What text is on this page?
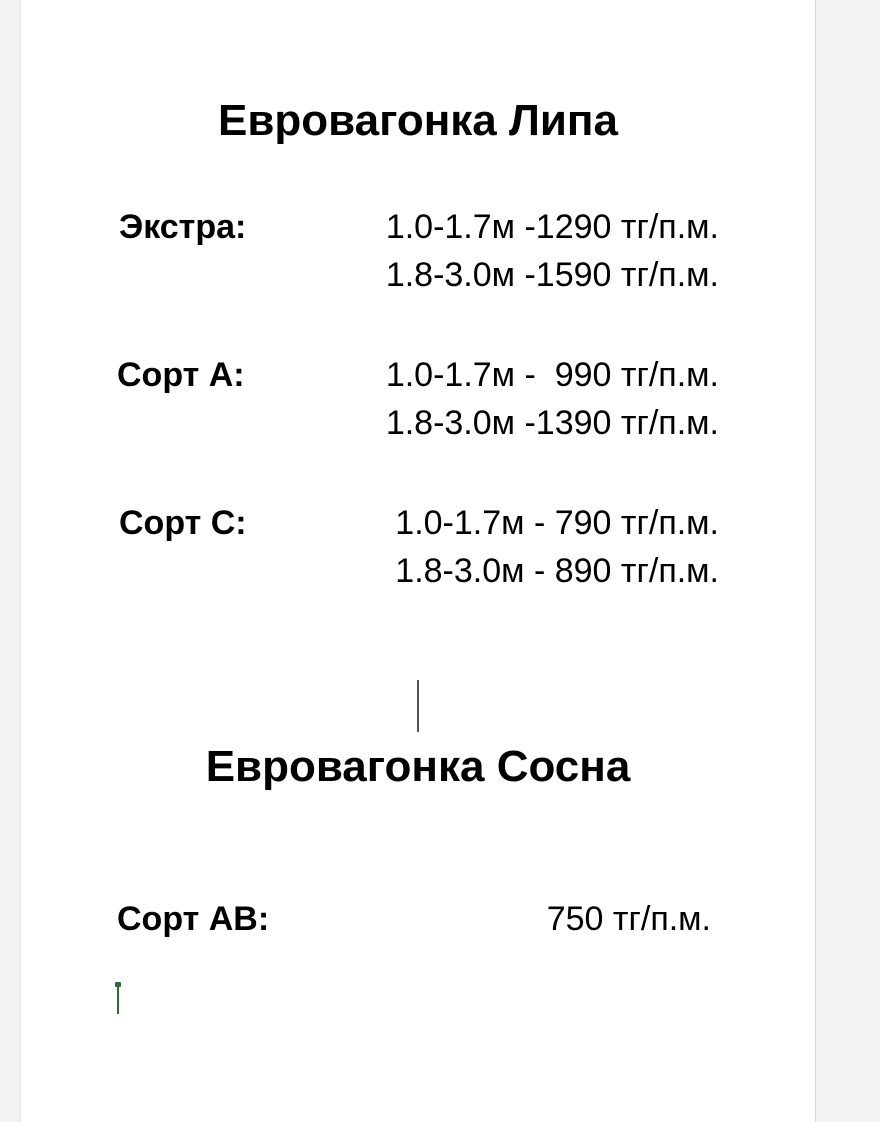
Евровагонка Липа
Экстра:	1.0-1.7м -1290 тг/п.м.
1.8-3.0м -1590 тг/п.м.
Сорт А:	1.0-1.7м -  990 тг/п.м.
1.8-3.0м -1390 тг/п.м.
Сорт С:	1.0-1.7м - 790 тг/п.м.
1.8-3.0м - 890 тг/п.м.
Евровагонка Сосна
Сорт АВ:	750 тг/п.м.
